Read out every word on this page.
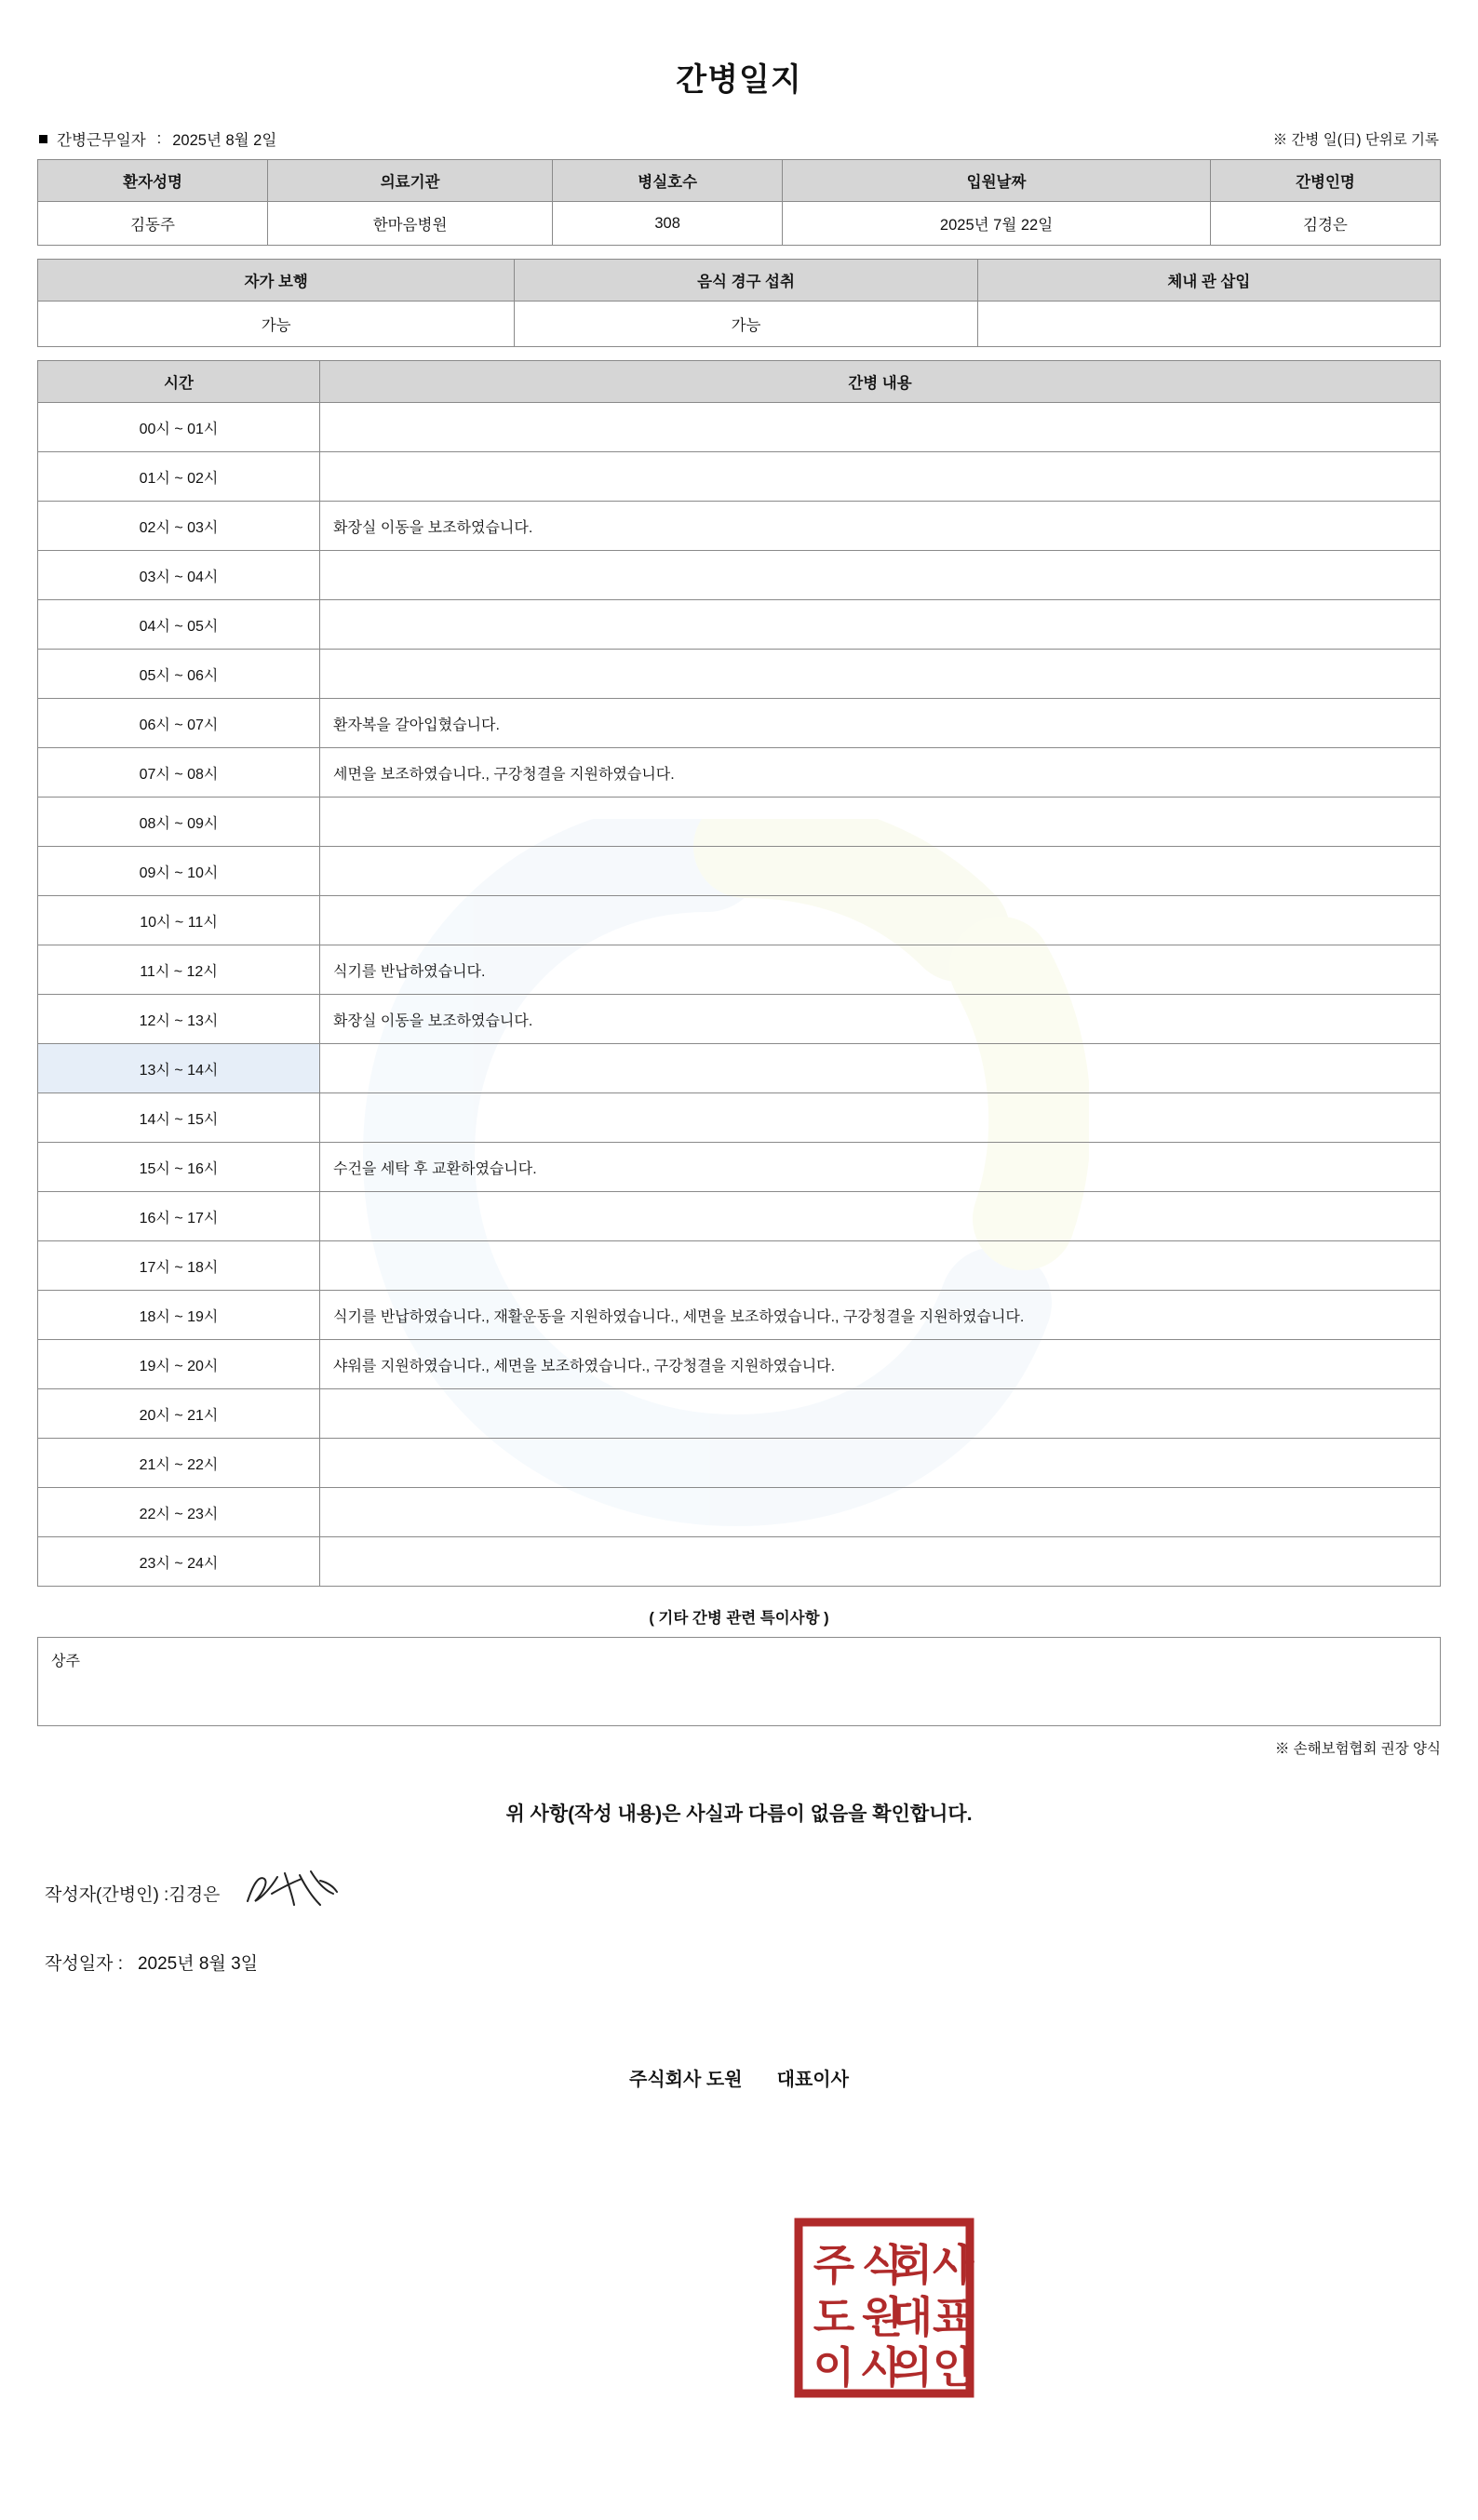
간병일지
간병근무일자 : 2025년 8월 2일	※ 간병 일(日) 단위로 기록
환자성명	의료기관	병실호수	입원날짜	간병인명
김동주	한마음병원	308	2025년 7월 22일	김경은
자가 보행	음식 경구 섭취	체내 관 삽입
가능	가능	
시간	간병 내용
00시 ~ 01시	
01시 ~ 02시	
02시 ~ 03시	화장실 이동을 보조하였습니다.
03시 ~ 04시	
04시 ~ 05시	
05시 ~ 06시	
06시 ~ 07시	환자복을 갈아입혔습니다.
07시 ~ 08시	세면을 보조하였습니다., 구강청결을 지원하였습니다.
08시 ~ 09시	
09시 ~ 10시	
10시 ~ 11시	
11시 ~ 12시	식기를 반납하였습니다.
12시 ~ 13시	화장실 이동을 보조하였습니다.
13시 ~ 14시	
14시 ~ 15시	
15시 ~ 16시	수건을 세탁 후 교환하였습니다.
16시 ~ 17시	
17시 ~ 18시	
18시 ~ 19시	식기를 반납하였습니다., 재활운동을 지원하였습니다., 세면을 보조하였습니다., 구강청결을 지원하였습니다.
19시 ~ 20시	샤워를 지원하였습니다., 세면을 보조하였습니다., 구강청결을 지원하였습니다.
20시 ~ 21시	
21시 ~ 22시	
22시 ~ 23시	
23시 ~ 24시	
( 기타 간병 관련 특이사항 )
상주
※ 손해보험협회 권장 양식
위 사항(작성 내용)은 사실과 다름이 없음을 확인합니다.
작성자(간병인) : 김경은
작성일자 : 2025년 8월 3일
주식회사 도원 대표이사
주 식
회사
도 원
대표
이 사
의인
